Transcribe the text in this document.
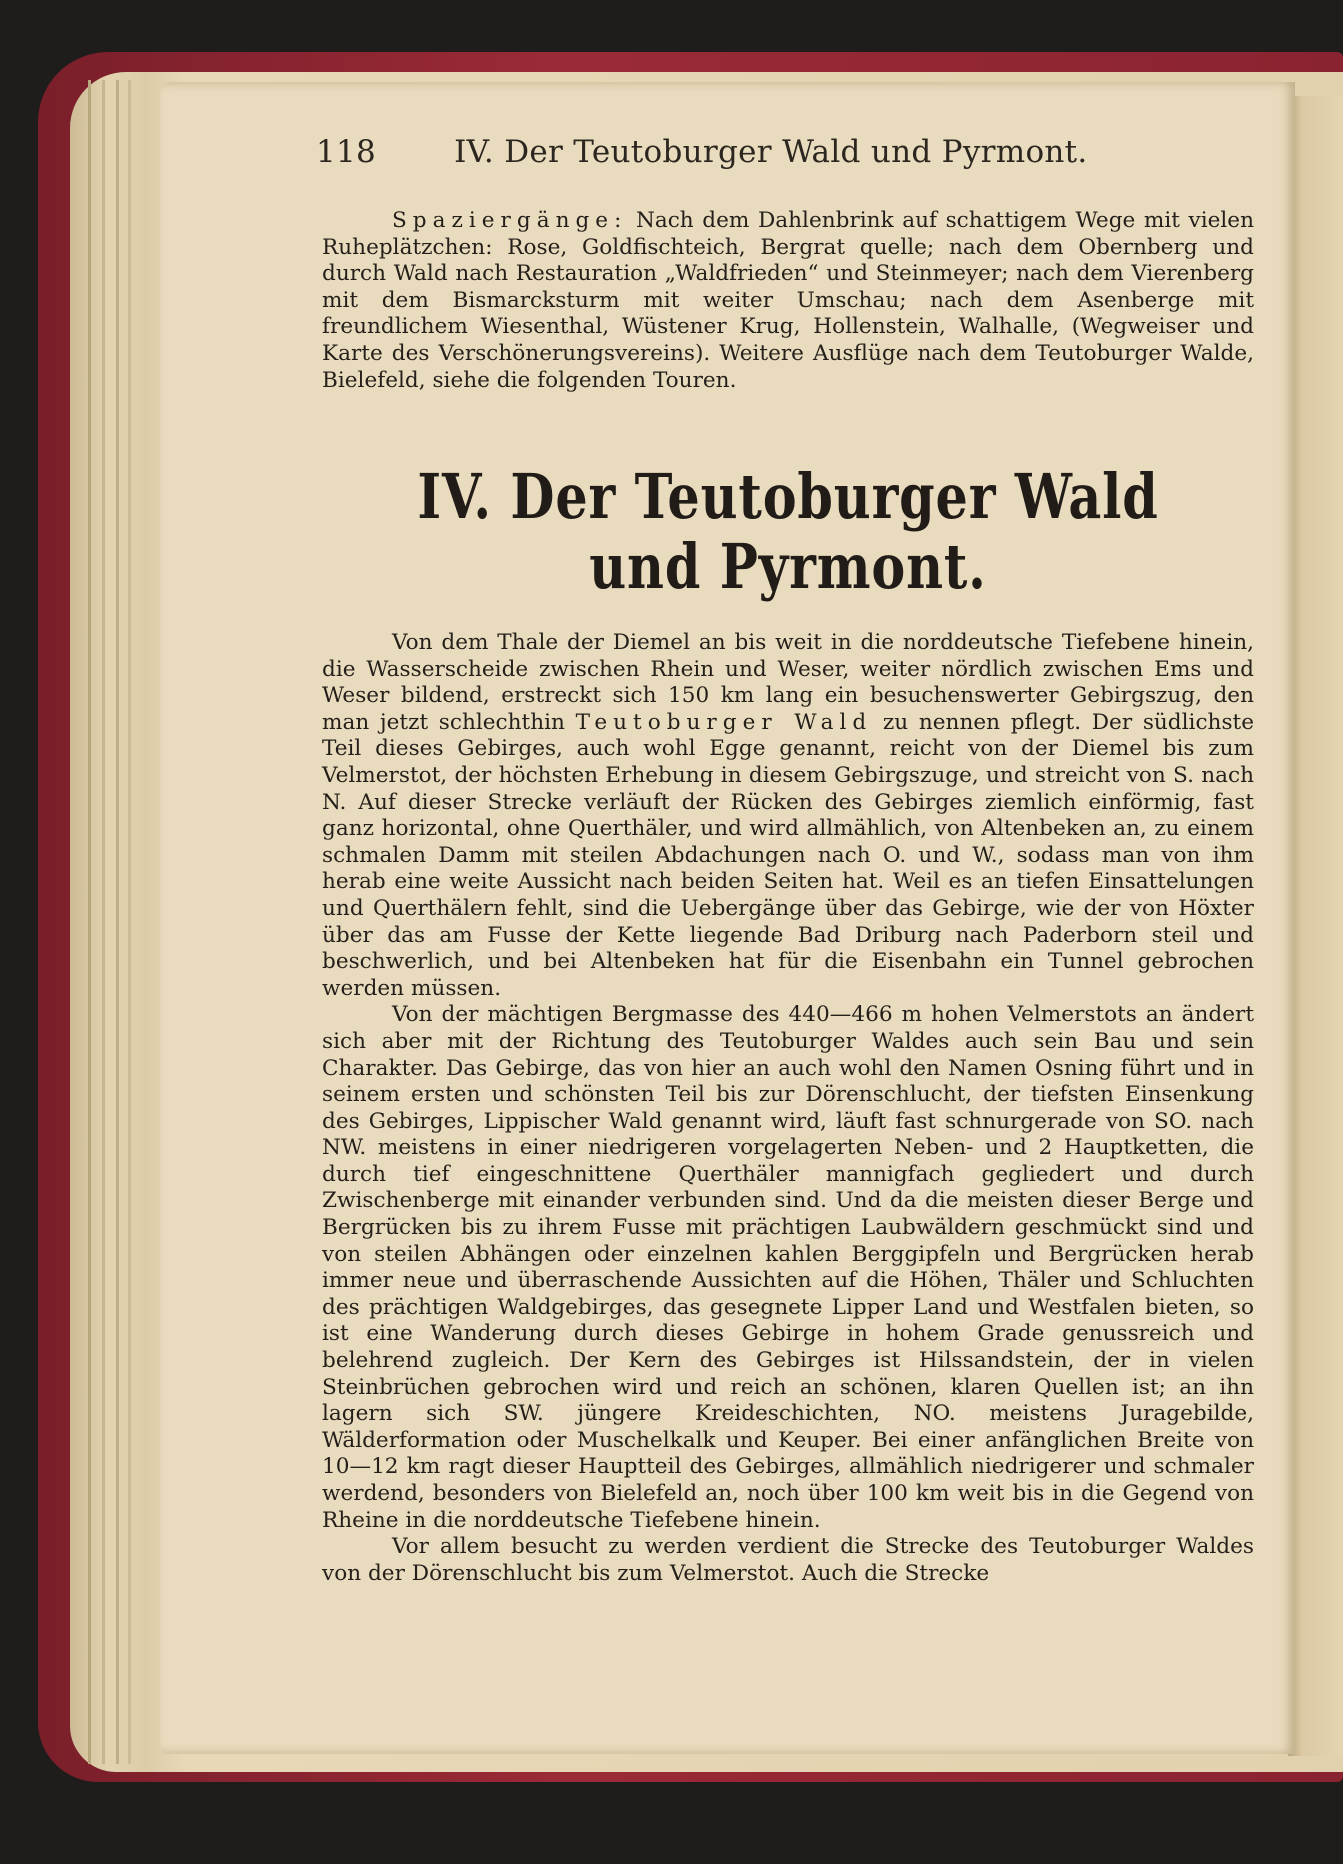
118	IV. Der Teutoburger Wald und Pyrmont.

Spaziergänge: Nach dem Dahlenbrink auf schattigem Wege mit vielen Ruheplätzchen: Rose, Goldfischteich, Bergrat quelle; nach dem Obernberg und durch Wald nach Restauration „Waldfrieden“ und Steinmeyer; nach dem Vierenberg mit dem Bismarcksturm mit weiter Umschau; nach dem Asenberge mit freundlichem Wiesenthal, Wüstener Krug, Hollenstein, Walhalle, (Wegweiser und Karte des Verschönerungsvereins). Weitere Ausflüge nach dem Teutoburger Walde, Bielefeld, siehe die folgenden Touren.

IV. Der Teutoburger Wald
und Pyrmont.

Von dem Thale der Diemel an bis weit in die norddeutsche Tiefebene hinein, die Wasserscheide zwischen Rhein und Weser, weiter nördlich zwischen Ems und Weser bildend, erstreckt sich 150 km lang ein besuchenswerter Gebirgszug, den man jetzt schlechthin Teutoburger Wald zu nennen pflegt. Der südlichste Teil dieses Gebirges, auch wohl Egge genannt, reicht von der Diemel bis zum Velmerstot, der höchsten Erhebung in diesem Gebirgszuge, und streicht von S. nach N. Auf dieser Strecke verläuft der Rücken des Gebirges ziemlich einförmig, fast ganz horizontal, ohne Querthäler, und wird allmählich, von Altenbeken an, zu einem schmalen Damm mit steilen Abdachungen nach O. und W., sodass man von ihm herab eine weite Aussicht nach beiden Seiten hat. Weil es an tiefen Einsattelungen und Querthälern fehlt, sind die Uebergänge über das Gebirge, wie der von Höxter über das am Fusse der Kette liegende Bad Driburg nach Paderborn steil und beschwerlich, und bei Altenbeken hat für die Eisenbahn ein Tunnel gebrochen werden müssen.

Von der mächtigen Bergmasse des 440—466 m hohen Velmerstots an ändert sich aber mit der Richtung des Teutoburger Waldes auch sein Bau und sein Charakter. Das Gebirge, das von hier an auch wohl den Namen Osning führt und in seinem ersten und schönsten Teil bis zur Dörenschlucht, der tiefsten Einsenkung des Gebirges, Lippischer Wald genannt wird, läuft fast schnurgerade von SO. nach NW. meistens in einer niedrigeren vorgelagerten Neben- und 2 Hauptketten, die durch tief eingeschnittene Querthäler mannigfach gegliedert und durch Zwischenberge mit einander verbunden sind. Und da die meisten dieser Berge und Bergrücken bis zu ihrem Fusse mit prächtigen Laubwäldern geschmückt sind und von steilen Abhängen oder einzelnen kahlen Berggipfeln und Bergrücken herab immer neue und überraschende Aussichten auf die Höhen, Thäler und Schluchten des prächtigen Waldgebirges, das gesegnete Lipper Land und Westfalen bieten, so ist eine Wanderung durch dieses Gebirge in hohem Grade genussreich und belehrend zugleich. Der Kern des Gebirges ist Hilssandstein, der in vielen Steinbrüchen gebrochen wird und reich an schönen, klaren Quellen ist; an ihn lagern sich SW. jüngere Kreideschichten, NO. meistens Juragebilde, Wälderformation oder Muschelkalk und Keuper. Bei einer anfänglichen Breite von 10—12 km ragt dieser Hauptteil des Gebirges, allmählich niedrigerer und schmaler werdend, besonders von Bielefeld an, noch über 100 km weit bis in die Gegend von Rheine in die norddeutsche Tiefebene hinein.

Vor allem besucht zu werden verdient die Strecke des Teutoburger Waldes von der Dörenschlucht bis zum Velmerstot. Auch die Strecke
